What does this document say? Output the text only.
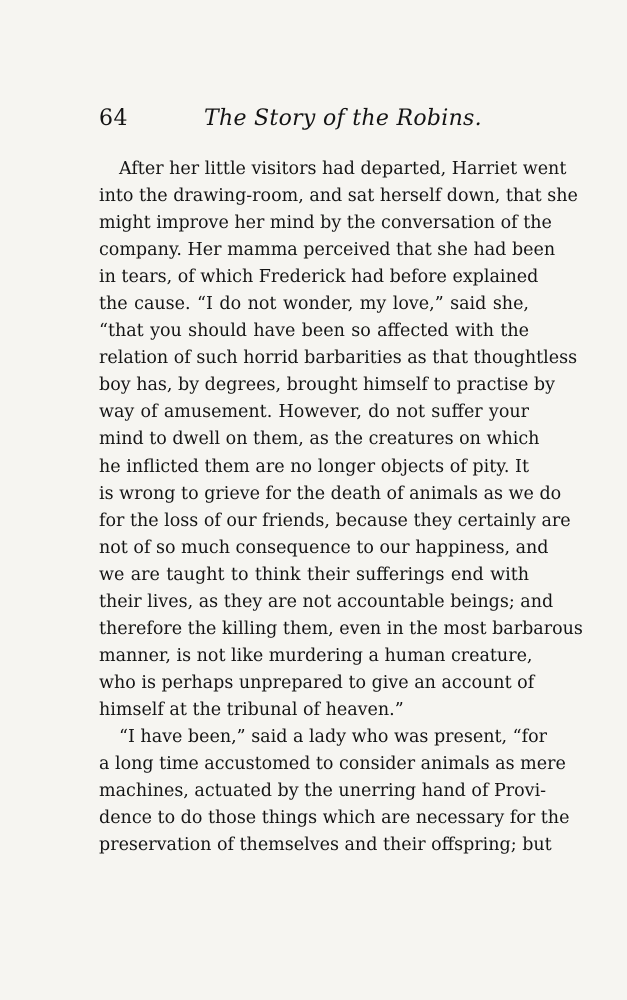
64	The Story of the Robins.
After her little visitors had departed, Harriet went
into the drawing-room, and sat herself down, that she
might improve her mind by the conversation of the
company. Her mamma perceived that she had been
in tears, of which Frederick had before explained
the cause. “I do not wonder, my love,” said she,
“that you should have been so affected with the
relation of such horrid barbarities as that thoughtless
boy has, by degrees, brought himself to practise by
way of amusement. However, do not suffer your
mind to dwell on them, as the creatures on which
he inflicted them are no longer objects of pity. It
is wrong to grieve for the death of animals as we do
for the loss of our friends, because they certainly are
not of so much consequence to our happiness, and
we are taught to think their sufferings end with
their lives, as they are not accountable beings; and
therefore the killing them, even in the most barbarous
manner, is not like murdering a human creature,
who is perhaps unprepared to give an account of
himself at the tribunal of heaven.”
“I have been,” said a lady who was present, “for
a long time accustomed to consider animals as mere
machines, actuated by the unerring hand of Provi-
dence to do those things which are necessary for the
preservation of themselves and their offspring; but
